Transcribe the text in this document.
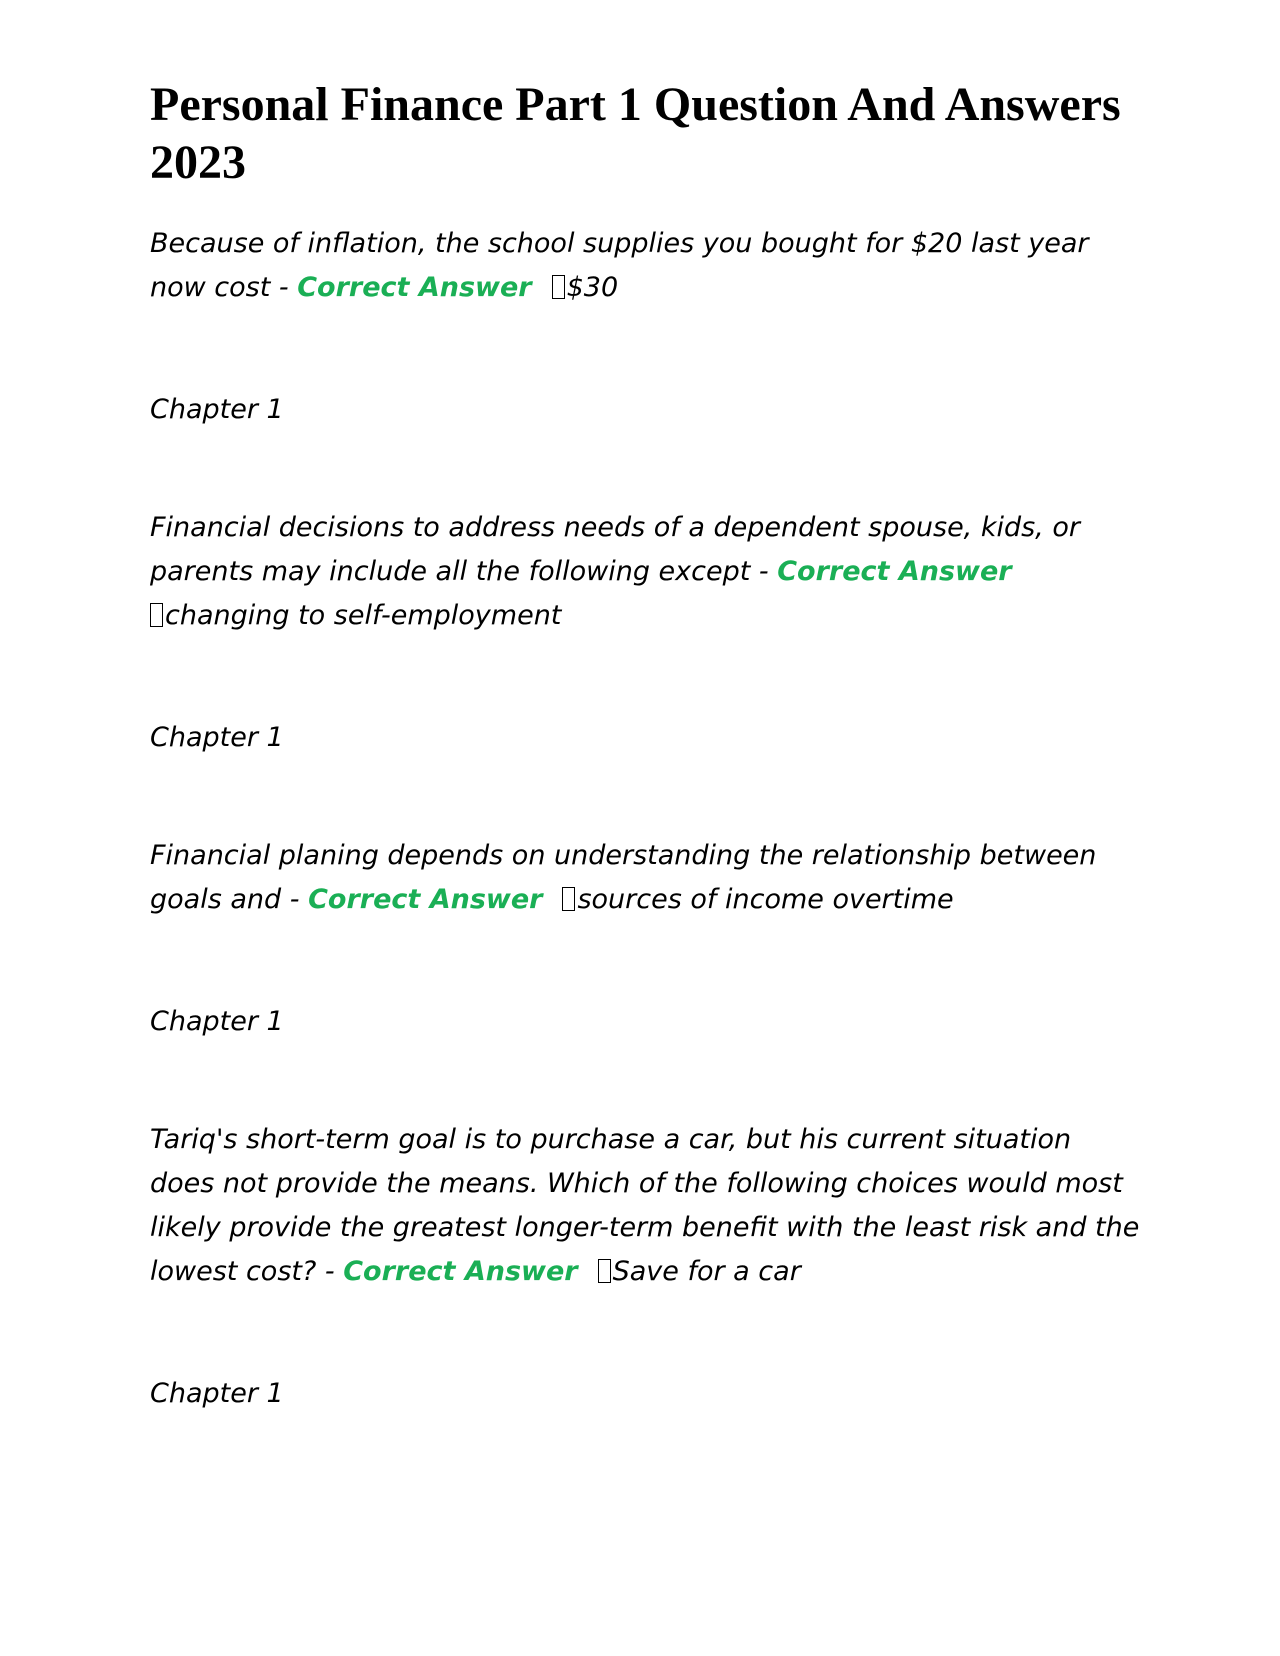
Personal Finance Part 1 Question And Answers 2023

Because of inflation, the school supplies you bought for $20 last year now cost - Correct Answer $30

Chapter 1

Financial decisions to address needs of a dependent spouse, kids, or parents may include all the following except - Correct Answer
changing to self-employment

Chapter 1

Financial planing depends on understanding the relationship between goals and - Correct Answer sources of income overtime

Chapter 1

Tariq's short-term goal is to purchase a car, but his current situation does not provide the means. Which of the following choices would most likely provide the greatest longer-term benefit with the least risk and the lowest cost? - Correct Answer Save for a car

Chapter 1
